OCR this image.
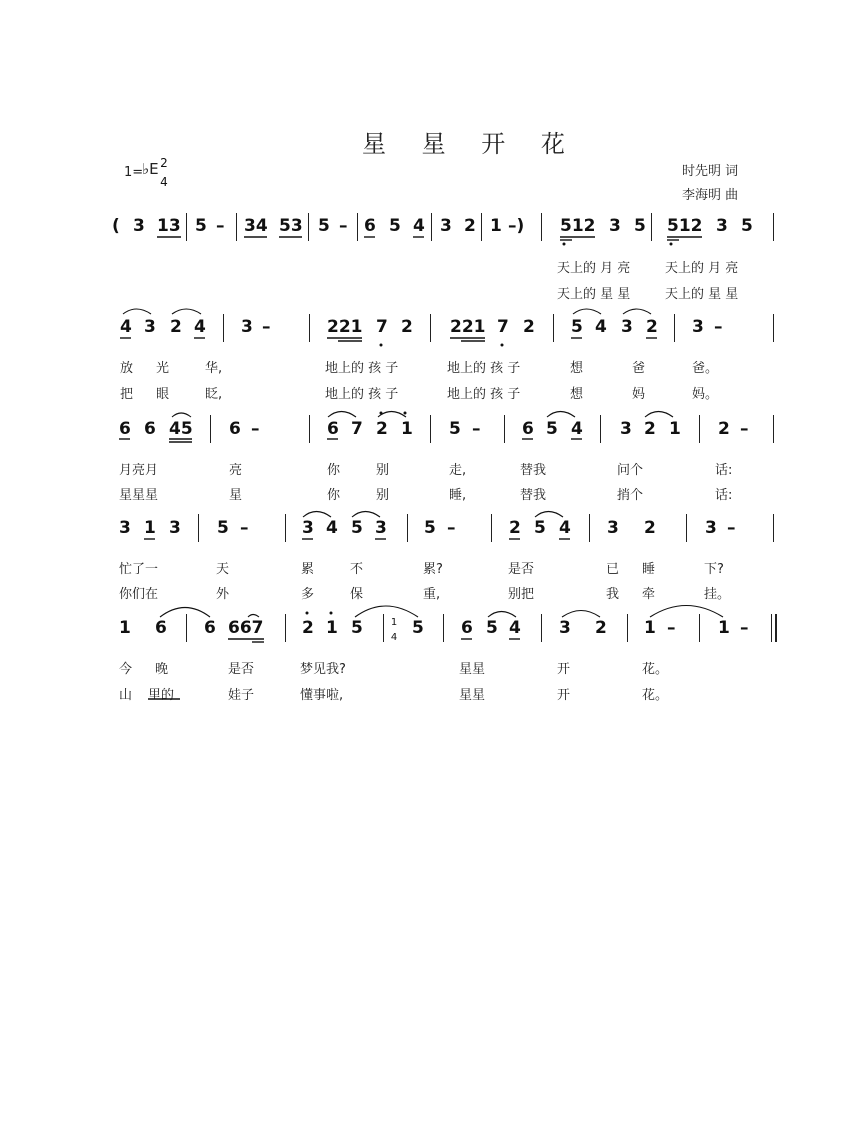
星 星 开 花
1=
♭E 2
4
时先明 词
李海明 曲
( 3 13 5 – 34 53 5 – 6 5 4 3 2 1 –) 512 3 5 512 3 5
天上的 月 亮	天上的 月 亮
天上的 星 星	天上的 星 星
4 3 2 4 3 –	221 7 2 221 7 2 5 4 3 2 3 –
放 光	华,	地上的 孩 子	地上的 孩 子	想	爸	爸。
把 眼	眨,	地上的 孩 子	地上的 孩 子	想	妈	妈。
6 6 45 6 –	6 7 2 1 5 – 6 5 4 3 2 1 2 –
月亮月	亮	你	别	走,	替我	问个	话:
星星星	星	你	别	睡,	替我	捎个	话:
3 1 3 5 –	3 4 5 3 5 –	2 5 4 3 2	3 –
忙了一	天	累	不	累?	是否	已 睡	下?
你们在	外	多	保	重,	别把	我 牵	挂。
1 6 6 667 2 1 5	5 6 5 4 3 2 1 –	1 –
1
4
今 晚	是否	梦见我?	星星	开	花。
山 里的	娃子	懂事啦,	星星	开	花。
